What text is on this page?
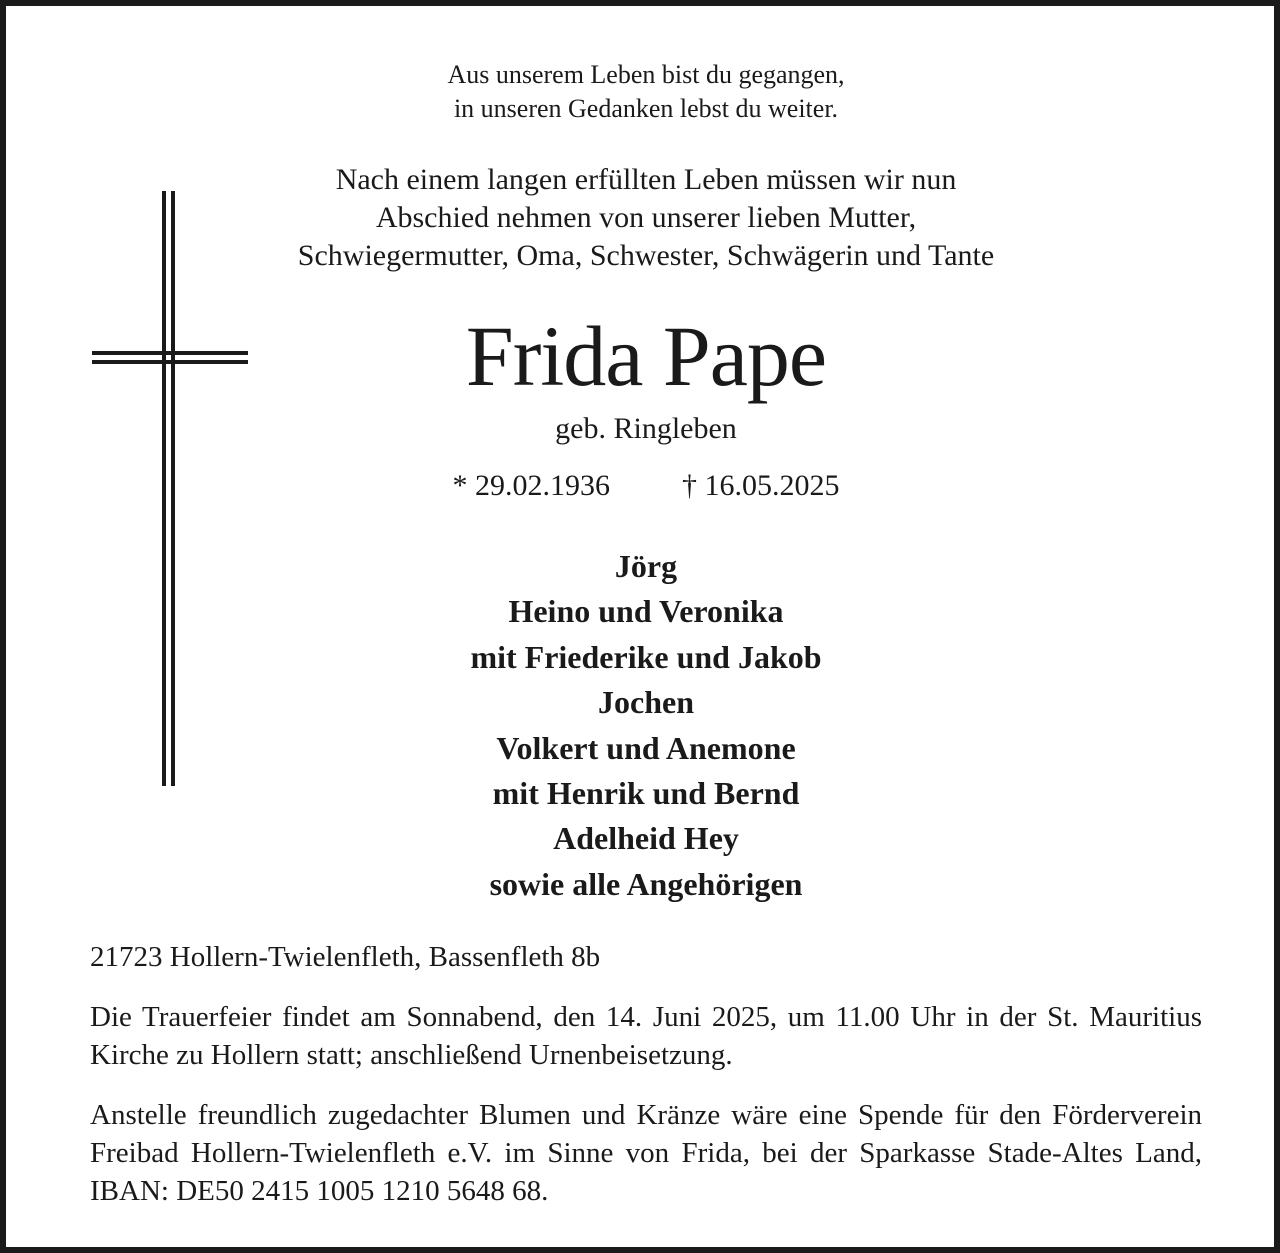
Aus unserem Leben bist du gegangen,
in unseren Gedanken lebst du weiter.
Nach einem langen erfüllten Leben müssen wir nun
Abschied nehmen von unserer lieben Mutter,
Schwiegermutter, Oma, Schwester, Schwägerin und Tante
Frida Pape
geb. Ringleben
* 29.02.1936 † 16.05.2025
Jörg
Heino und Veronika
mit Friederike und Jakob
Jochen
Volkert und Anemone
mit Henrik und Bernd
Adelheid Hey
sowie alle Angehörigen
21723 Hollern-Twielenfleth, Bassenfleth 8b
Die Trauerfeier findet am Sonnabend, den 14. Juni 2025, um 11.00 Uhr in der St. Mauritius Kirche zu Hollern statt; anschließend Urnenbeisetzung.
Anstelle freundlich zugedachter Blumen und Kränze wäre eine Spende für den Förderverein Freibad Hollern-Twielenfleth e.V. im Sinne von Frida, bei der Sparkasse Stade-Altes Land, IBAN: DE50 2415 1005 1210 5648 68.
